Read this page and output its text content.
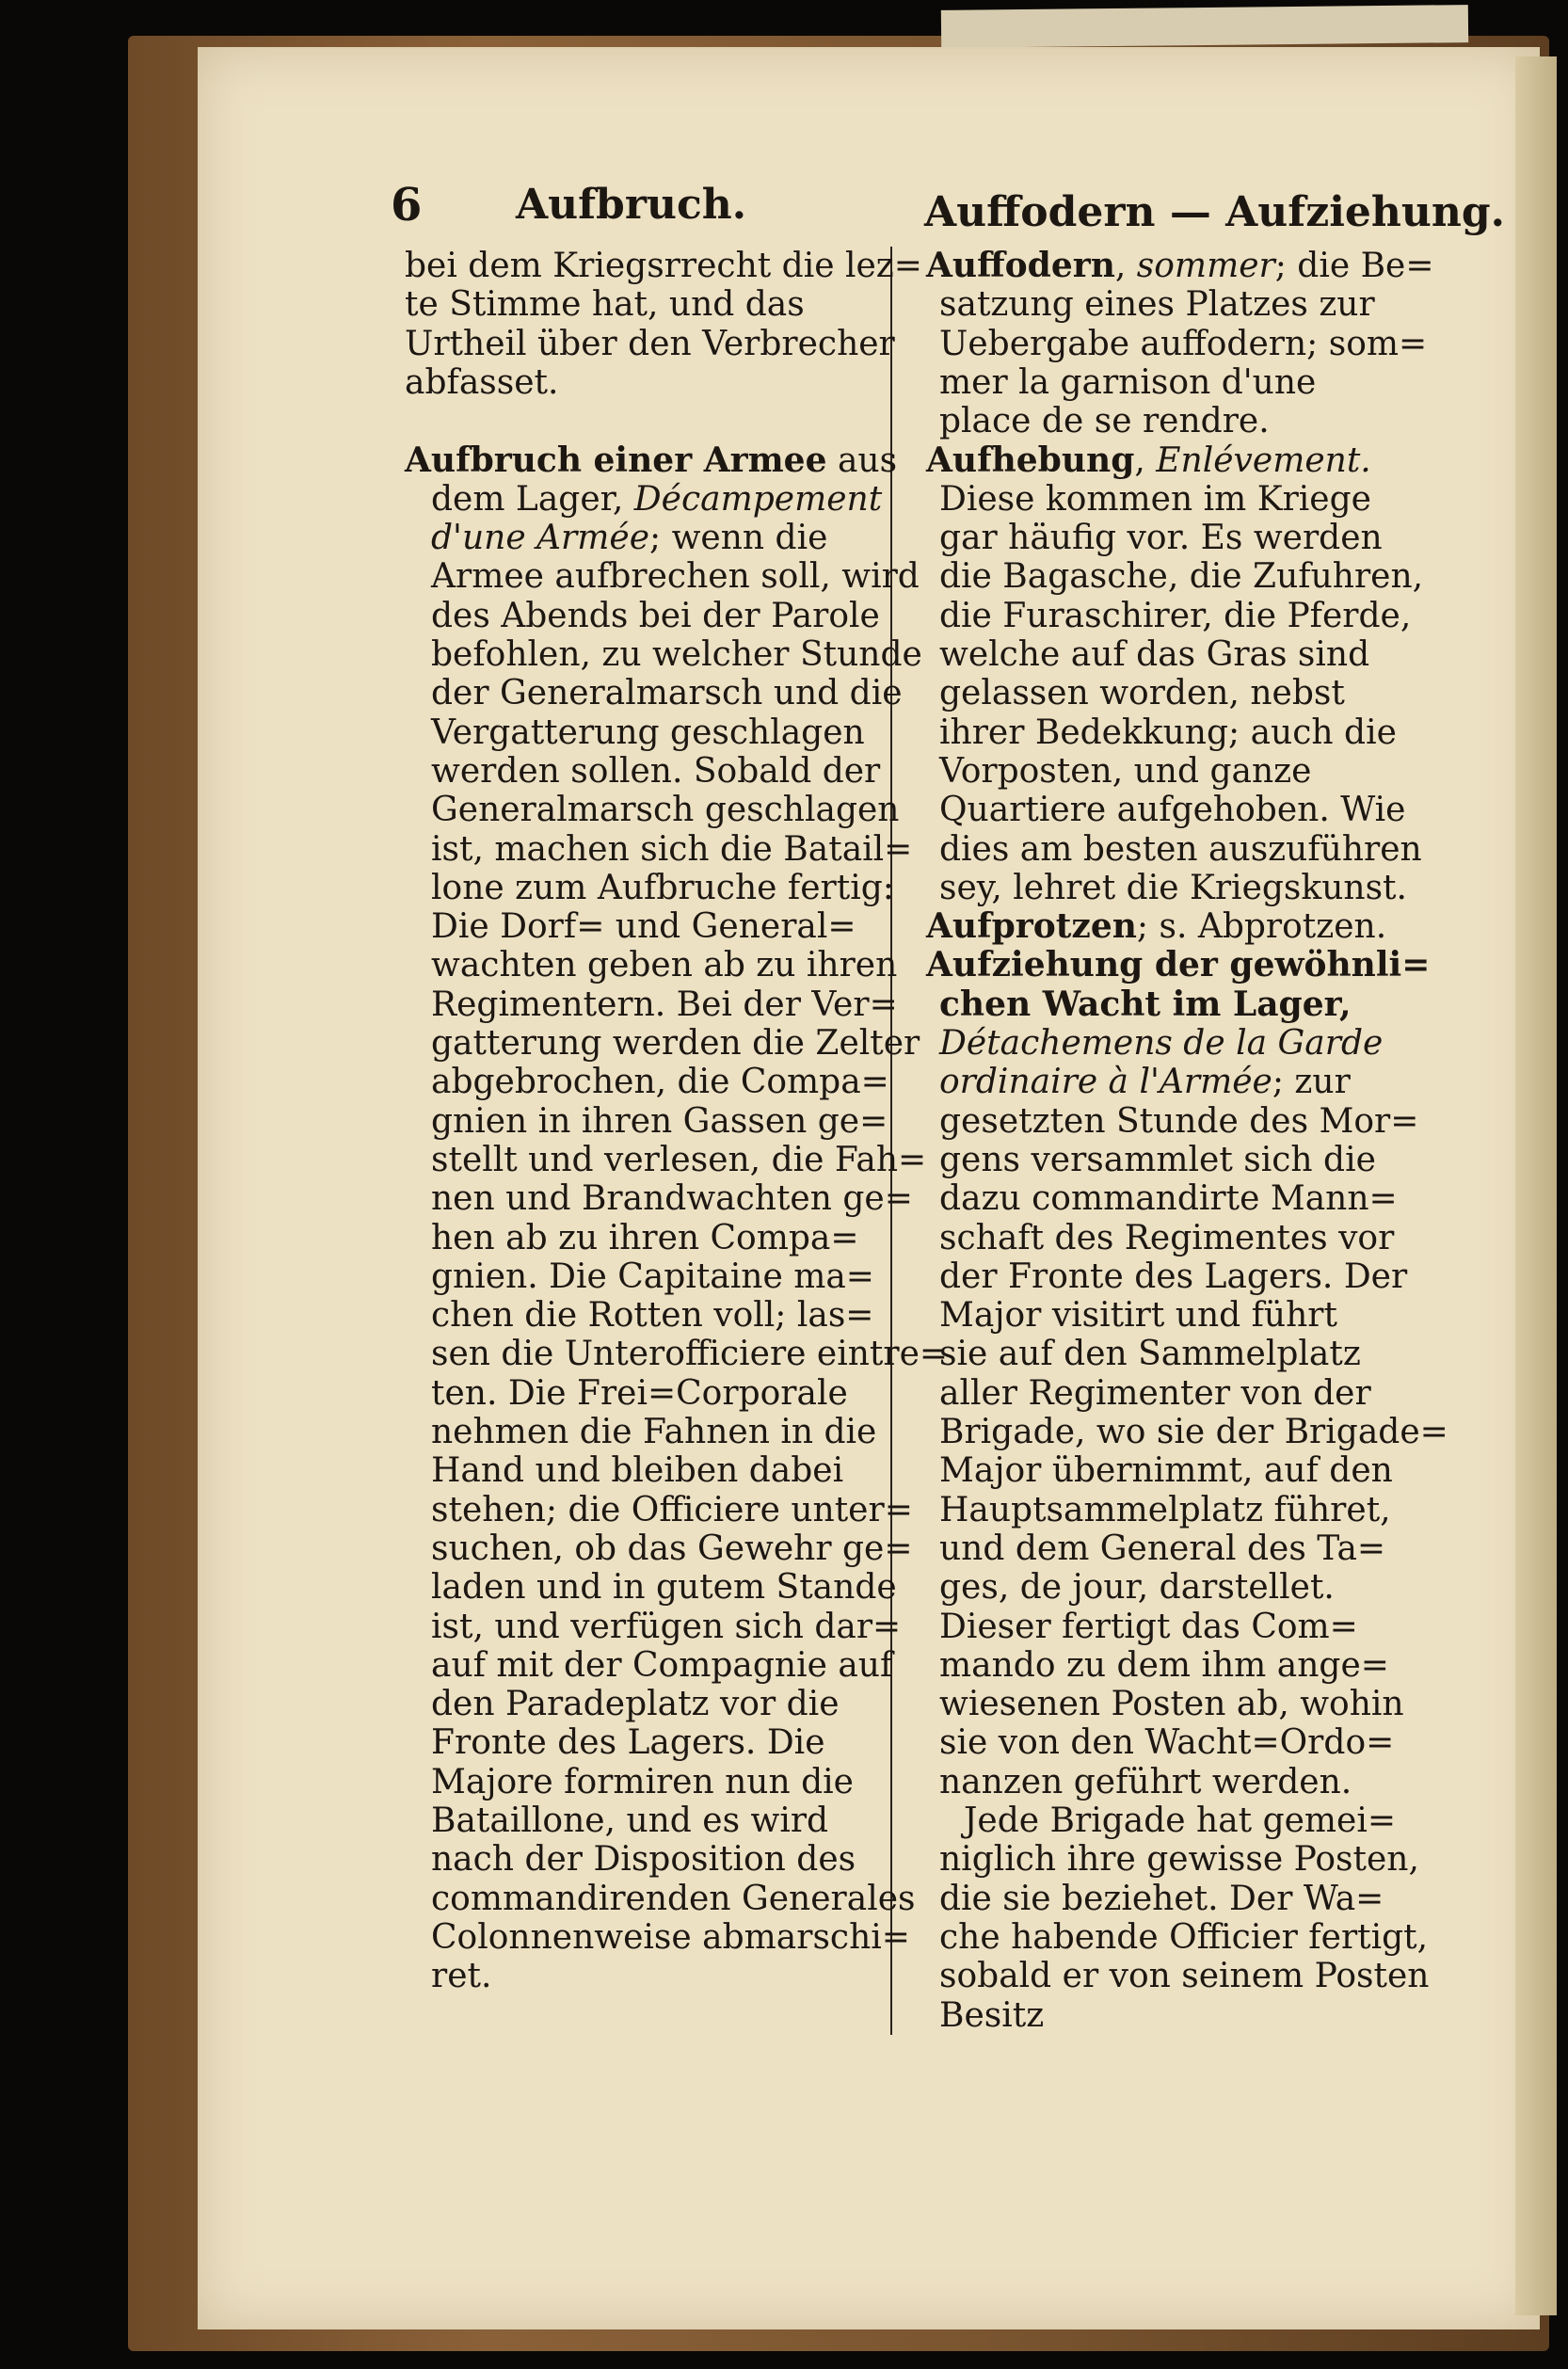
6 Aufbruch.	Auffodern — Aufziehung.
bei dem Kriegsrrecht die lez=
te Stimme hat, und das
Urtheil über den Verbrecher
abfasset.
Aufbruch einer Armee aus
dem Lager, Décampement
d'une Armée; wenn die
Armee aufbrechen soll, wird
des Abends bei der Parole
befohlen, zu welcher Stunde
der Generalmarsch und die
Vergatterung geschlagen
werden sollen. Sobald der
Generalmarsch geschlagen
ist, machen sich die Batail=
lone zum Aufbruche fertig:
Die Dorf= und General=
wachten geben ab zu ihren
Regimentern. Bei der Ver=
gatterung werden die Zelter
abgebrochen, die Compa=
gnien in ihren Gassen ge=
stellt und verlesen, die Fah=
nen und Brandwachten ge=
hen ab zu ihren Compa=
gnien. Die Capitaine ma=
chen die Rotten voll; las=
sen die Unterofficiere eintre=
ten. Die Frei=Corporale
nehmen die Fahnen in die
Hand und bleiben dabei
stehen; die Officiere unter=
suchen, ob das Gewehr ge=
laden und in gutem Stande
ist, und verfügen sich dar=
auf mit der Compagnie auf
den Paradeplatz vor die
Fronte des Lagers. Die
Majore formiren nun die
Bataillone, und es wird
nach der Disposition des
commandirenden Generales
Colonnenweise abmarschi=
ret.
Auffodern, sommer; die Be=
satzung eines Platzes zur
Uebergabe auffodern; som=
mer la garnison d'une
place de se rendre.
Aufhebung, Enlévement.
Diese kommen im Kriege
gar häufig vor. Es werden
die Bagasche, die Zufuhren,
die Furaschirer, die Pferde,
welche auf das Gras sind
gelassen worden, nebst
ihrer Bedekkung; auch die
Vorposten, und ganze
Quartiere aufgehoben. Wie
dies am besten auszuführen
sey, lehret die Kriegskunst.
Aufprotzen; s. Abprotzen.
Aufziehung der gewöhnli=
chen Wacht im Lager,
Détachemens de la Garde
ordinaire à l'Armée; zur
gesetzten Stunde des Mor=
gens versammlet sich die
dazu commandirte Mann=
schaft des Regimentes vor
der Fronte des Lagers. Der
Major visitirt und führt
sie auf den Sammelplatz
aller Regimenter von der
Brigade, wo sie der Brigade=
Major übernimmt, auf den
Hauptsammelplatz führet,
und dem General des Ta=
ges, de jour, darstellet.
Dieser fertigt das Com=
mando zu dem ihm ange=
wiesenen Posten ab, wohin
sie von den Wacht=Ordo=
nanzen geführt werden.
Jede Brigade hat gemei=
niglich ihre gewisse Posten,
die sie beziehet. Der Wa=
che habende Officier fertigt,
sobald er von seinem Posten
Besitz
